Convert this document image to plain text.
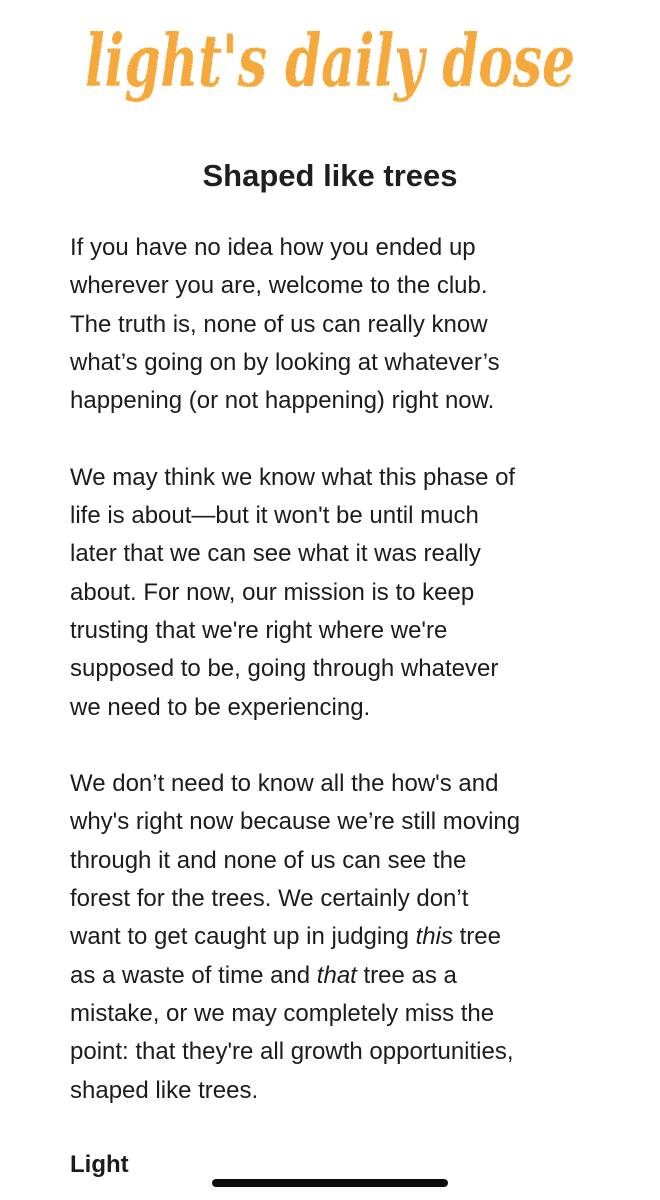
light's daily dose
Shaped like trees

If you have no idea how you ended up
wherever you are, welcome to the club.
The truth is, none of us can really know
what’s going on by looking at whatever’s
happening (or not happening) right now.

We may think we know what this phase of
life is about—but it won't be until much
later that we can see what it was really
about. For now, our mission is to keep
trusting that we're right where we're
supposed to be, going through whatever
we need to be experiencing.

We don’t need to know all the how's and
why's right now because we’re still moving
through it and none of us can see the
forest for the trees. We certainly don’t
want to get caught up in judging this tree
as a waste of time and that tree as a
mistake, or we may completely miss the
point: that they're all growth opportunities,
shaped like trees.

Light
